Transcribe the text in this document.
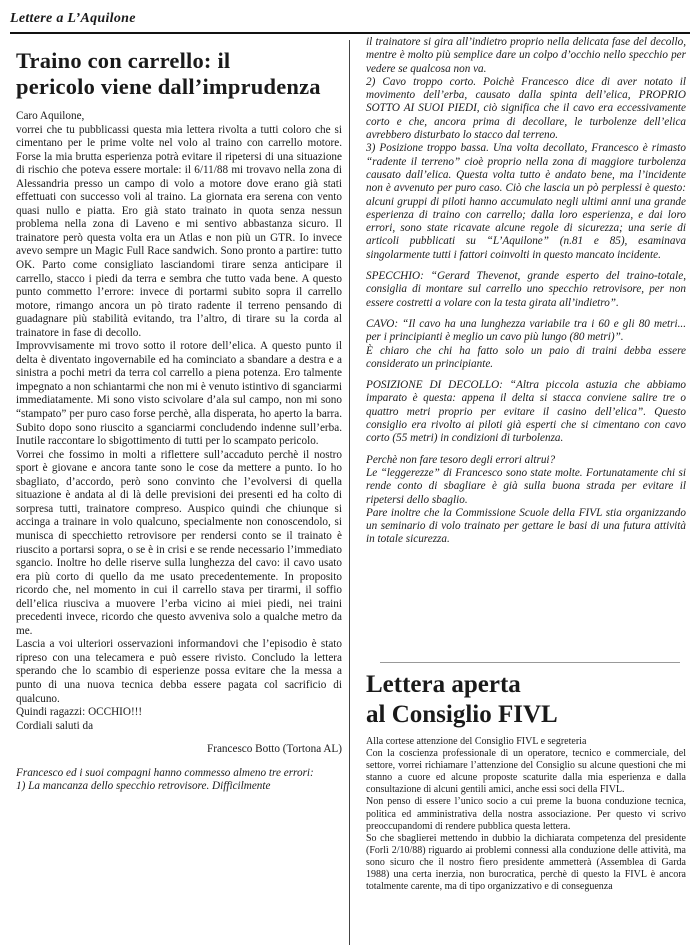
Lettere a L’Aquilone
Traino con carrello: il
pericolo viene dall’imprudenza

Caro Aquilone,

vorrei che tu pubblicassi questa mia lettera rivolta a tutti coloro che si cimentano per le prime volte nel volo al traino con carrello motore. Forse la mia brutta esperienza potrà evitare il ripetersi di una situazione di rischio che poteva essere mortale: il 6/11/88 mi trovavo nella zona di Alessandria presso un campo di volo a motore dove erano già stati effettuati con successo voli al traino. La giornata era serena con vento quasi nullo e piatta. Ero già stato trainato in quota senza nessun problema nella zona di Laveno e mi sentivo abbastanza sicuro. Il trainatore però questa volta era un Atlas e non più un GTR. Io invece avevo sempre un Magic Full Race sandwich. Sono pronto a partire: tutto OK. Parto come consigliato lasciandomi tirare senza anticipare il carrello, stacco i piedi da terra e sembra che tutto vada bene. A questo punto commetto l’errore: invece di portarmi subito sopra il carrello motore, rimango ancora un pò tirato radente il terreno pensando di guadagnare più stabilità evitando, tra l’altro, di tirare su la corda al trainatore in fase di decollo.

Improvvisamente mi trovo sotto il rotore dell’elica. A questo punto il delta è diventato ingovernabile ed ha cominciato a sbandare a destra e a sinistra a pochi metri da terra col carrello a piena potenza. Ero talmente impegnato a non schiantarmi che non mi è venuto istintivo di sganciarmi immediatamente. Mi sono visto scivolare d’ala sul campo, non mi sono “stampato” per puro caso forse perchè, alla disperata, ho aperto la barra. Subito dopo sono riuscito a sganciarmi concludendo indenne sull’erba. Inutile raccontare lo sbigottimento di tutti per lo scampato pericolo.

Vorrei che fossimo in molti a riflettere sull’accaduto perchè il nostro sport è giovane e ancora tante sono le cose da mettere a punto. Io ho sbagliato, d’accordo, però sono convinto che l’evolversi di quella situazione è andata al di là delle previsioni dei presenti ed ha colto di sorpresa tutti, trainatore compreso. Auspico quindi che chiunque si accinga a trainare in volo qualcuno, specialmente non conoscendolo, si munisca di specchietto retrovisore per rendersi conto se il trainato è riuscito a portarsi sopra, o se è in crisi e se rende necessario l’immediato sgancio. Inoltre ho delle riserve sulla lunghezza del cavo: il cavo usato era più corto di quello da me usato precedentemente. In proposito ricordo che, nel momento in cui il carrello stava per tirarmi, il soffio dell’elica riusciva a muovere l’erba vicino ai miei piedi, nei traini precedenti invece, ricordo che questo avveniva solo a qualche metro da me.

Lascia a voi ulteriori osservazioni informandovi che l’episodio è stato ripreso con una telecamera e può essere rivisto. Concludo la lettera sperando che lo scambio di esperienze possa evitare che la messa a punto di una nuova tecnica debba essere pagata col sacrificio di qualcuno.

Quindi ragazzi: OCCHIO!!!

Cordiali saluti da

Francesco Botto (Tortona AL)

Francesco ed i suoi compagni hanno commesso almeno tre errori:

1) La mancanza dello specchio retrovisore. Difficilmente

il trainatore si gira all’indietro proprio nella delicata fase del decollo, mentre è molto più semplice dare un colpo d’occhio nello specchio per vedere se qualcosa non va.

2) Cavo troppo corto. Poichè Francesco dice di aver notato il movimento dell’erba, causato dalla spinta dell’elica, PROPRIO SOTTO AI SUOI PIEDI, ciò significa che il cavo era eccessivamente corto e che, ancora prima di decollare, le turbolenze dell’elica avrebbero disturbato lo stacco dal terreno.

3) Posizione troppo bassa. Una volta decollato, Francesco è rimasto “radente il terreno” cioè proprio nella zona di maggiore turbolenza causato dall’elica. Questa volta tutto è andato bene, ma l’incidente non è avvenuto per puro caso. Ciò che lascia un pò perplessi è questo: alcuni gruppi di piloti hanno accumulato negli ultimi anni una grande esperienza di traino con carrello; dalla loro esperienza, e dai loro errori, sono state ricavate alcune regole di sicurezza; una serie di articoli pubblicati su “L’Aquilone” (n.81 e 85), esaminava singolarmente tutti i fattori coinvolti in questo mancato incidente.

SPECCHIO: “Gerard Thevenot, grande esperto del traino-totale, consiglia di montare sul carrello uno specchio retrovisore, per non essere costretti a volare con la testa girata all’indietro”.

CAVO: “Il cavo ha una lunghezza variabile tra i 60 e gli 80 metri... per i principianti è meglio un cavo più lungo (80 metri)”.

È chiaro che chi ha fatto solo un paio di traini debba essere considerato un principiante.

POSIZIONE DI DECOLLO: “Altra piccola astuzia che abbiamo imparato è questa: appena il delta si stacca conviene salire tre o quattro metri proprio per evitare il casino dell’elica”. Questo consiglio era rivolto ai piloti già esperti che si cimentano con cavo corto (55 metri) in condizioni di turbolenza.

Perchè non fare tesoro degli errori altrui?

Le “leggerezze” di Francesco sono state molte. Fortunatamente chi si rende conto di sbagliare è già sulla buona strada per evitare il ripetersi dello sbaglio.

Pare inoltre che la Commissione Scuole della FIVL stia organizzando un seminario di volo trainato per gettare le basi di una futura attività in totale sicurezza.

Lettera aperta
al Consiglio FIVL

Alla cortese attenzione del Consiglio FIVL e segreteria

Con la coscienza professionale di un operatore, tecnico e commerciale, del settore, vorrei richiamare l’attenzione del Consiglio su alcune questioni che mi stanno a cuore ed alcune proposte scaturite dalla mia esperienza e dalla consultazione di alcuni gentili amici, anche essi soci della FIVL.

Non penso di essere l’unico socio a cui preme la buona conduzione tecnica, politica ed amministrativa della nostra associazione. Per questo vi scrivo preoccupandomi di rendere pubblica questa lettera.

So che sbaglierei mettendo in dubbio la dichiarata competenza del presidente (Forlì 2/10/88) riguardo ai problemi connessi alla conduzione delle attività, ma sono sicuro che il nostro fiero presidente ammetterà (Assemblea di Garda 1988) una certa inerzia, non burocratica, perchè di questo la FIVL è ancora totalmente carente, ma di tipo organizzativo e di conseguenza
